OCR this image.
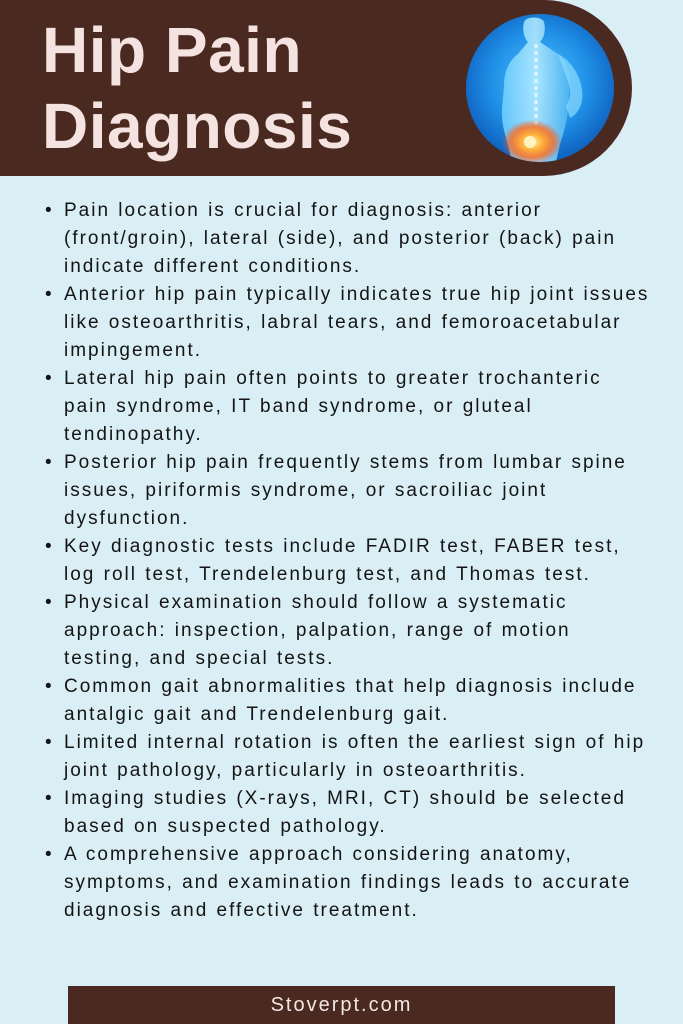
Hip Pain
Diagnosis
• Pain location is crucial for diagnosis: anterior (front/groin), lateral (side), and posterior (back) pain indicate different conditions.
• Anterior hip pain typically indicates true hip joint issues like osteoarthritis, labral tears, and femoroacetabular impingement.
• Lateral hip pain often points to greater trochanteric pain syndrome, IT band syndrome, or gluteal tendinopathy.
• Posterior hip pain frequently stems from lumbar spine issues, piriformis syndrome, or sacroiliac joint dysfunction.
• Key diagnostic tests include FADIR test, FABER test, log roll test, Trendelenburg test, and Thomas test.
• Physical examination should follow a systematic approach: inspection, palpation, range of motion testing, and special tests.
• Common gait abnormalities that help diagnosis include antalgic gait and Trendelenburg gait.
• Limited internal rotation is often the earliest sign of hip joint pathology, particularly in osteoarthritis.
• Imaging studies (X-rays, MRI, CT) should be selected based on suspected pathology.
• A comprehensive approach considering anatomy, symptoms, and examination findings leads to accurate diagnosis and effective treatment.
Stoverpt.com
